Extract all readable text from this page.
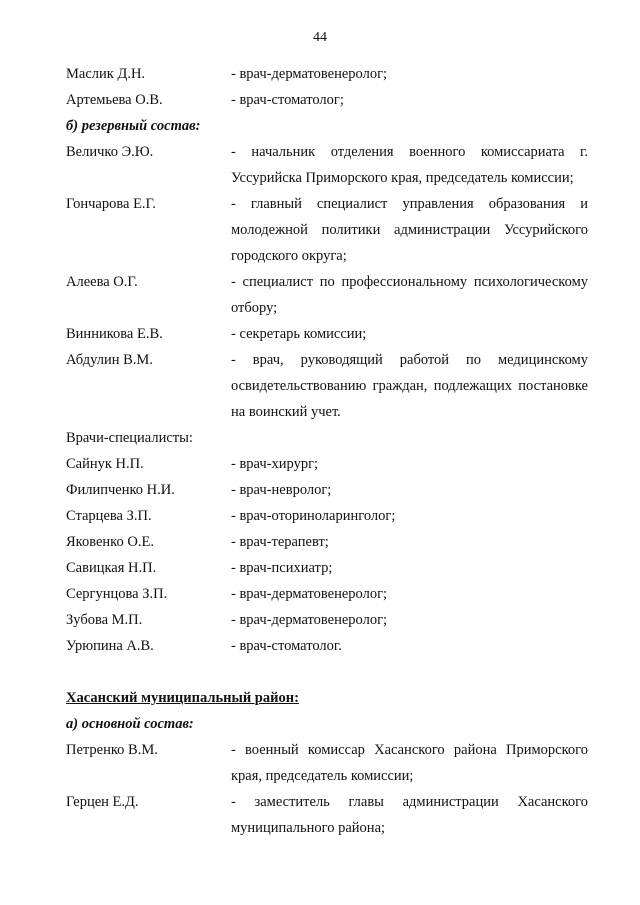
44
Маслик Д.Н.	- врач-дерматовенеролог;
Артемьева О.В.	- врач-стоматолог;
б) резервный состав:
Величко Э.Ю.	- начальник отделения военного комиссариата г. Уссурийска Приморского края, председатель комиссии;
Гончарова Е.Г.	- главный специалист управления образования и молодежной политики администрации Уссурийского городского округа;
Алеева О.Г.	- специалист по профессиональному психологическому отбору;
Винникова Е.В.	- секретарь комиссии;
Абдулин В.М.	- врач, руководящий работой по медицинскому освидетельствованию граждан, подлежащих постановке на воинский учет.
Врачи-специалисты:
Сайнук Н.П.	- врач-хирург;
Филипченко Н.И.	- врач-невролог;
Старцева З.П.	- врач-оториноларинголог;
Яковенко О.Е.	- врач-терапевт;
Савицкая Н.П.	- врач-психиатр;
Сергунцова З.П.	- врач-дерматовенеролог;
Зубова М.П.	- врач-дерматовенеролог;
Урюпина А.В.	- врач-стоматолог.
Хасанский муниципальный район:
а) основной состав:
Петренко В.М.	- военный комиссар Хасанского района Приморского края, председатель комиссии;
Герцен Е.Д.	- заместитель главы администрации Хасанского муниципального района;
